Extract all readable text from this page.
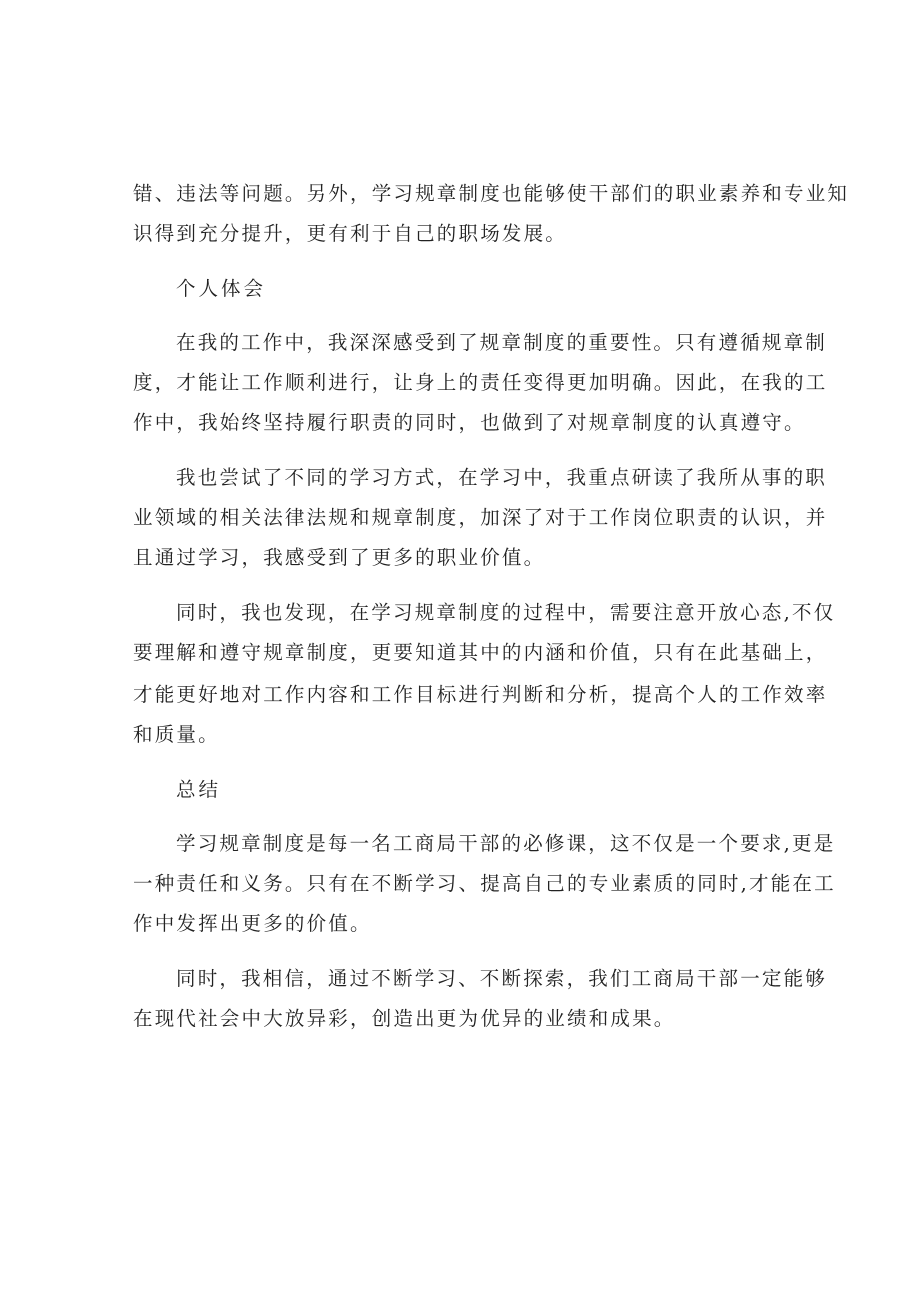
错、违法等问题。另外，学习规章制度也能够使干部们的职业素养和专业知
识得到充分提升，更有利于自己的职场发展。
个人体会
在我的工作中，我深深感受到了规章制度的重要性。只有遵循规章制
度，才能让工作顺利进行，让身上的责任变得更加明确。因此，在我的工
作中，我始终坚持履行职责的同时，也做到了对规章制度的认真遵守。
我也尝试了不同的学习方式，在学习中，我重点研读了我所从事的职
业领域的相关法律法规和规章制度，加深了对于工作岗位职责的认识，并
且通过学习，我感受到了更多的职业价值。
同时，我也发现，在学习规章制度的过程中，需要注意开放心态,不仅
要理解和遵守规章制度，更要知道其中的内涵和价值，只有在此基础上，
才能更好地对工作内容和工作目标进行判断和分析，提高个人的工作效率
和质量。
总结
学习规章制度是每一名工商局干部的必修课，这不仅是一个要求,更是
一种责任和义务。只有在不断学习、提高自己的专业素质的同时,才能在工
作中发挥出更多的价值。
同时，我相信，通过不断学习、不断探索，我们工商局干部一定能够
在现代社会中大放异彩，创造出更为优异的业绩和成果。
